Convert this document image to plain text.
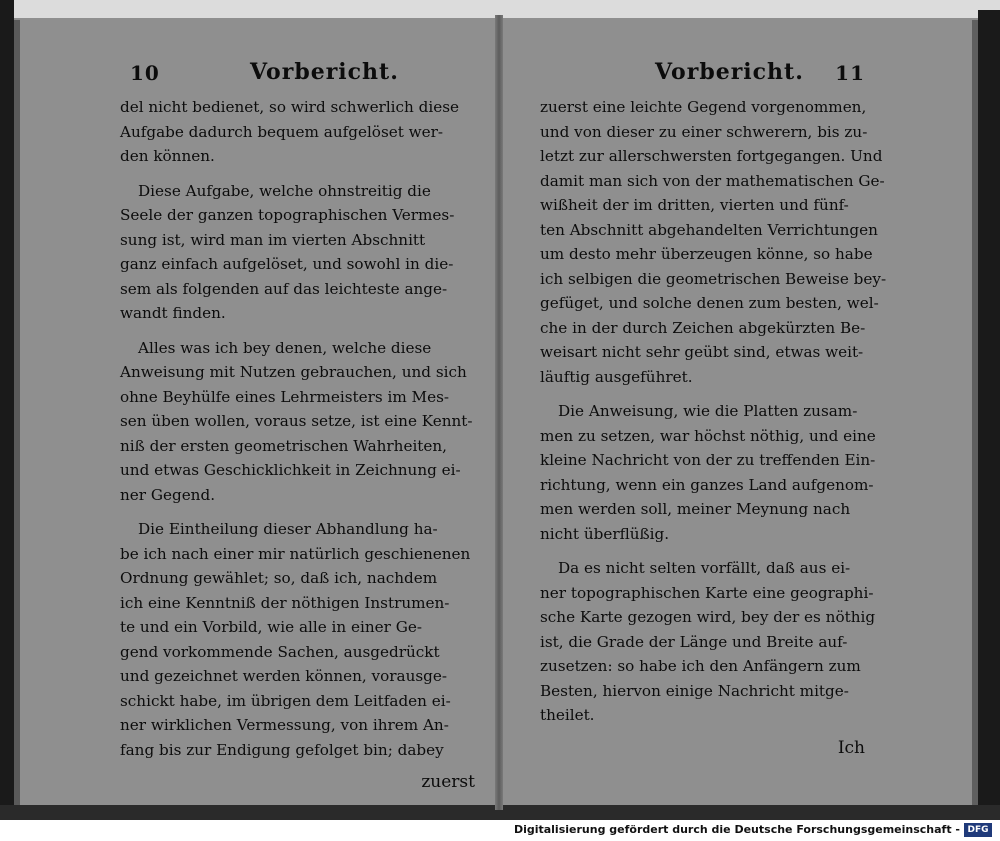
10	Vorbericht.

del nicht bedienet, so wird schwerlich diese
Aufgabe dadurch bequem aufgelöset wer-
den können.

Diese Aufgabe, welche ohnstreitig die
Seele der ganzen topographischen Vermes-
sung ist, wird man im vierten Abschnitt
ganz einfach aufgelöset, und sowohl in die-
sem als folgenden auf das leichteste ange-
wandt finden.

Alles was ich bey denen, welche diese
Anweisung mit Nutzen gebrauchen, und sich
ohne Beyhülfe eines Lehrmeisters im Mes-
sen üben wollen, voraus setze, ist eine Kennt-
niß der ersten geometrischen Wahrheiten,
und etwas Geschicklichkeit in Zeichnung ei-
ner Gegend.

Die Eintheilung dieser Abhandlung ha-
be ich nach einer mir natürlich geschienenen
Ordnung gewählet; so, daß ich, nachdem
ich eine Kenntniß der nöthigen Instrumen-
te und ein Vorbild, wie alle in einer Ge-
gend vorkommende Sachen, ausgedrückt
und gezeichnet werden können, vorausge-
schickt habe, im übrigen dem Leitfaden ei-
ner wirklichen Vermessung, von ihrem An-
fang bis zur Endigung gefolget bin; dabey

zuerst
Vorbericht. 11

zuerst eine leichte Gegend vorgenommen,
und von dieser zu einer schwerern, bis zu-
letzt zur allerschwersten fortgegangen. Und
damit man sich von der mathematischen Ge-
wißheit der im dritten, vierten und fünf-
ten Abschnitt abgehandelten Verrichtungen
um desto mehr überzeugen könne, so habe
ich selbigen die geometrischen Beweise bey-
gefüget, und solche denen zum besten, wel-
che in der durch Zeichen abgekürzten Be-
weisart nicht sehr geübt sind, etwas weit-
läuftig ausgeführet.

Die Anweisung, wie die Platten zusam-
men zu setzen, war höchst nöthig, und eine
kleine Nachricht von der zu treffenden Ein-
richtung, wenn ein ganzes Land aufgenom-
men werden soll, meiner Meynung nach
nicht überflüßig.

Da es nicht selten vorfällt, daß aus ei-
ner topographischen Karte eine geographi-
sche Karte gezogen wird, bey der es nöthig
ist, die Grade der Länge und Breite auf-
zusetzen: so habe ich den Anfängern zum
Besten, hiervon einige Nachricht mitge-
theilet.

Ich
Digitalisierung gefördert durch die Deutsche Forschungsgemeinschaft - DFG
